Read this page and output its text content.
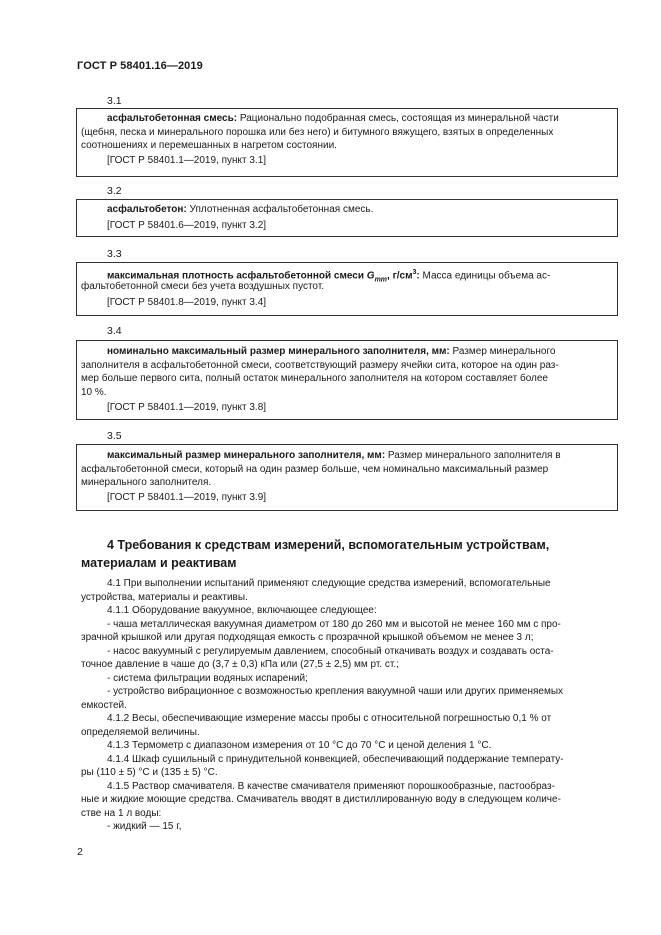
ГОСТ Р 58401.16—2019
3.1
асфальтобетонная смесь: Рационально подобранная смесь, состоящая из минеральной части
(щебня, песка и минерального порошка или без него) и битумного вяжущего, взятых в определенных
соотношениях и перемешанных в нагретом состоянии.
[ГОСТ Р 58401.1—2019, пункт 3.1]
3.2
асфальтобетон: Уплотненная асфальтобетонная смесь.
[ГОСТ Р 58401.6—2019, пункт 3.2]
3.3
максимальная плотность асфальтобетонной смеси $G_{mm}$, $г/см^3$: Масса единицы объема ас-
фальтобетонной смеси без учета воздушных пустот.
[ГОСТ Р 58401.8—2019, пункт 3.4]
3.4
номинально максимальный размер минерального заполнителя, мм: Размер минерального
заполнителя в асфальтобетонной смеси, соответствующий размеру ячейки сита, которое на один раз-
мер больше первого сита, полный остаток минерального заполнителя на котором составляет более
10 %.
[ГОСТ Р 58401.1—2019, пункт 3.8]
3.5
максимальный размер минерального заполнителя, мм: Размер минерального заполнителя в
асфальтобетонной смеси, который на один размер больше, чем номинально максимальный размер
минерального заполнителя.
[ГОСТ Р 58401.1—2019, пункт 3.9]
4 Требования к средствам измерений, вспомогательным устройствам,
материалам и реактивам
4.1 При выполнении испытаний применяют следующие средства измерений, вспомогательные
устройства, материалы и реактивы.
4.1.1 Оборудование вакуумное, включающее следующее:
- чаша металлическая вакуумная диаметром от 180 до 260 мм и высотой не менее 160 мм с про-
зрачной крышкой или другая подходящая емкость с прозрачной крышкой объемом не менее 3 л;
- насос вакуумный с регулируемым давлением, способный откачивать воздух и создавать оста-
точное давление в чаше до (3,7 ± 0,3) кПа или (27,5 ± 2,5) мм рт. ст.;
- система фильтрации водяных испарений;
- устройство вибрационное с возможностью крепления вакуумной чаши или других применяемых
емкостей.
4.1.2 Весы, обеспечивающие измерение массы пробы с относительной погрешностью 0,1 % от
определяемой величины.
4.1.3 Термометр с диапазоном измерения от 10 °С до 70 °С и ценой деления 1 °С.
4.1.4 Шкаф сушильный с принудительной конвекцией, обеспечивающий поддержание температу-
ры (110 ± 5) °С и (135 ± 5) °С.
4.1.5 Раствор смачивателя. В качестве смачивателя применяют порошкообразные, пастообраз-
ные и жидкие моющие средства. Смачиватель вводят в дистиллированную воду в следующем количе-
стве на 1 л воды:
- жидкий — 15 г,
2
